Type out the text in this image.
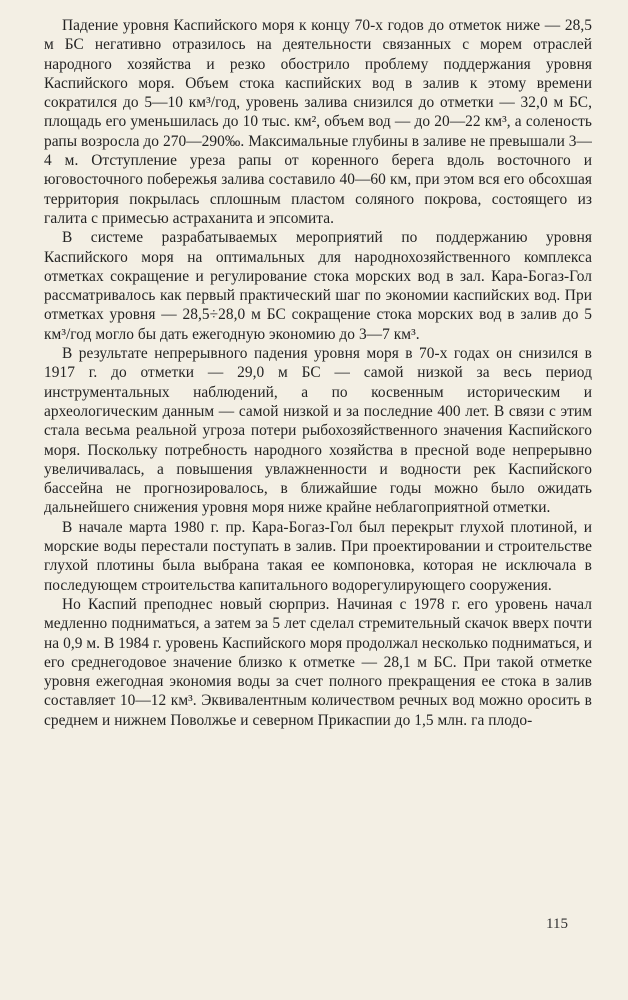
Падение уровня Каспийского моря к концу 70-х годов до отметок ниже — 28,5 м БС негативно отразилось на деятельности связанных с морем отраслей народного хозяйства и резко обострило проблему поддержания уровня Каспийского моря. Объем стока каспийских вод в залив к этому времени сократился до 5—10 км³/год, уровень залива снизился до отметки — 32,0 м БС, площадь его уменьшилась до 10 тыс. км², объем вод — до 20—22 км³, а соленость рапы возросла до 270—290‰. Максимальные глубины в заливе не превышали 3—4 м. Отступление уреза рапы от коренного берега вдоль восточного и юговосточного побережья залива составило 40—60 км, при этом вся его обсохшая территория покрылась сплошным пластом соляного покрова, состоящего из галита с примесью астраханита и эпсомита.

В системе разрабатываемых мероприятий по поддержанию уровня Каспийского моря на оптимальных для народнохозяйственного комплекса отметках сокращение и регулирование стока морских вод в зал. Кара-Богаз-Гол рассматривалось как первый практический шаг по экономии каспийских вод. При отметках уровня — 28,5÷28,0 м БС сокращение стока морских вод в залив до 5 км³/год могло бы дать ежегодную экономию до 3—7 км³.

В результате непрерывного падения уровня моря в 70-х годах он снизился в 1917 г. до отметки — 29,0 м БС — самой низкой за весь период инструментальных наблюдений, а по косвенным историческим и археологическим данным — самой низкой и за последние 400 лет. В связи с этим стала весьма реальной угроза потери рыбохозяйственного значения Каспийского моря. Поскольку потребность народного хозяйства в пресной воде непрерывно увеличивалась, а повышения увлажненности и водности рек Каспийского бассейна не прогнозировалось, в ближайшие годы можно было ожидать дальнейшего снижения уровня моря ниже крайне неблагоприятной отметки.

В начале марта 1980 г. пр. Кара-Богаз-Гол был перекрыт глухой плотиной, и морские воды перестали поступать в залив. При проектировании и строительстве глухой плотины была выбрана такая ее компоновка, которая не исключала в последующем строительства капитального водорегулирующего сооружения.

Но Каспий преподнес новый сюрприз. Начиная с 1978 г. его уровень начал медленно подниматься, а затем за 5 лет сделал стремительный скачок вверх почти на 0,9 м. В 1984 г. уровень Каспийского моря продолжал несколько подниматься, и его среднегодовое значение близко к отметке — 28,1 м БС. При такой отметке уровня ежегодная экономия воды за счет полного прекращения ее стока в залив составляет 10—12 км³. Эквивалентным количеством речных вод можно оросить в среднем и нижнем Поволжье и северном Прикаспии до 1,5 млн. га плодо-

115
